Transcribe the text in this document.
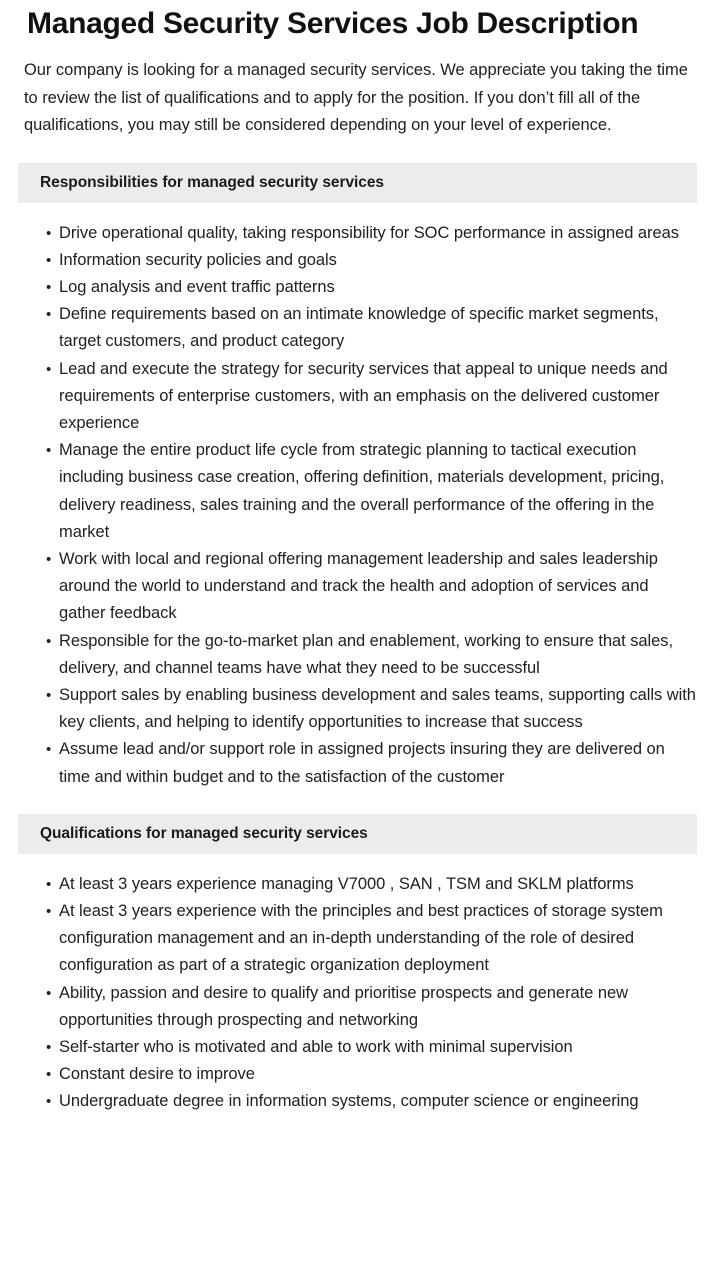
Managed Security Services Job Description

Our company is looking for a managed security services. We appreciate you taking the time to review the list of qualifications and to apply for the position. If you don’t fill all of the qualifications, you may still be considered depending on your level of experience.

Responsibilities for managed security services
• Drive operational quality, taking responsibility for SOC performance in assigned areas
• Information security policies and goals
• Log analysis and event traffic patterns
• Define requirements based on an intimate knowledge of specific market segments, target customers, and product category
• Lead and execute the strategy for security services that appeal to unique needs and requirements of enterprise customers, with an emphasis on the delivered customer experience
• Manage the entire product life cycle from strategic planning to tactical execution including business case creation, offering definition, materials development, pricing, delivery readiness, sales training and the overall performance of the offering in the market
• Work with local and regional offering management leadership and sales leadership around the world to understand and track the health and adoption of services and gather feedback
• Responsible for the go-to-market plan and enablement, working to ensure that sales, delivery, and channel teams have what they need to be successful
• Support sales by enabling business development and sales teams, supporting calls with key clients, and helping to identify opportunities to increase that success
• Assume lead and/or support role in assigned projects insuring they are delivered on time and within budget and to the satisfaction of the customer
Qualifications for managed security services
• At least 3 years experience managing V7000 , SAN , TSM and SKLM platforms
• At least 3 years experience with the principles and best practices of storage system configuration management and an in-depth understanding of the role of desired configuration as part of a strategic organization deployment
• Ability, passion and desire to qualify and prioritise prospects and generate new opportunities through prospecting and networking
• Self-starter who is motivated and able to work with minimal supervision
• Constant desire to improve
• Undergraduate degree in information systems, computer science or engineering
